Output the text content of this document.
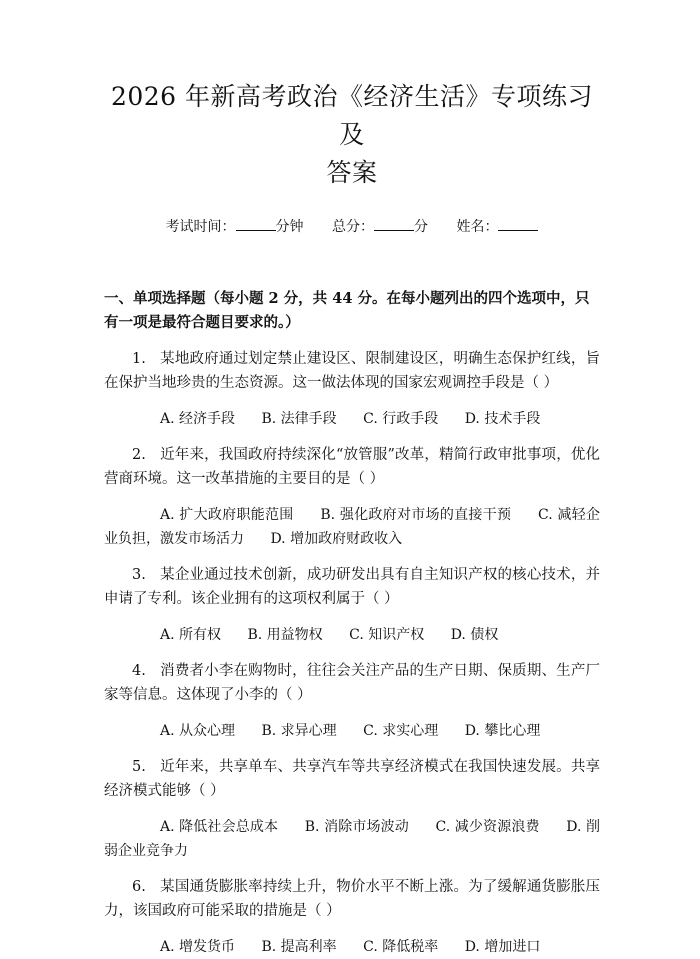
2026 年新高考政治《经济生活》专项练习及
答案
考试时间：	分钟 总分：	分 姓名：
一、单项选择题（每小题 2 分，共 44 分。在每小题列出的四个选项中，只有一项是最符合题目要求的。）
1. 某地政府通过划定禁止建设区、限制建设区，明确生态保护红线，旨在保护当地珍贵的生态资源。这一做法体现的国家宏观调控手段是（ ）
A. 经济手段 B. 法律手段 C. 行政手段 D. 技术手段
2. 近年来，我国政府持续深化“放管服”改革，精简行政审批事项，优化营商环境。这一改革措施的主要目的是（ ）
A. 扩大政府职能范围 B. 强化政府对市场的直接干预 C. 减轻企业负担，激发市场活力 D. 增加政府财政收入
3. 某企业通过技术创新，成功研发出具有自主知识产权的核心技术，并申请了专利。该企业拥有的这项权利属于（ ）
A. 所有权 B. 用益物权 C. 知识产权 D. 债权
4. 消费者小李在购物时，往往会关注产品的生产日期、保质期、生产厂家等信息。这体现了小李的（ ）
A. 从众心理 B. 求异心理 C. 求实心理 D. 攀比心理
5. 近年来，共享单车、共享汽车等共享经济模式在我国快速发展。共享经济模式能够（ ）
A. 降低社会总成本 B. 消除市场波动 C. 减少资源浪费 D. 削弱企业竞争力
6. 某国通货膨胀率持续上升，物价水平不断上涨。为了缓解通货膨胀压力，该国政府可能采取的措施是（ ）
A. 增发货币 B. 提高利率 C. 降低税率 D. 增加进口
